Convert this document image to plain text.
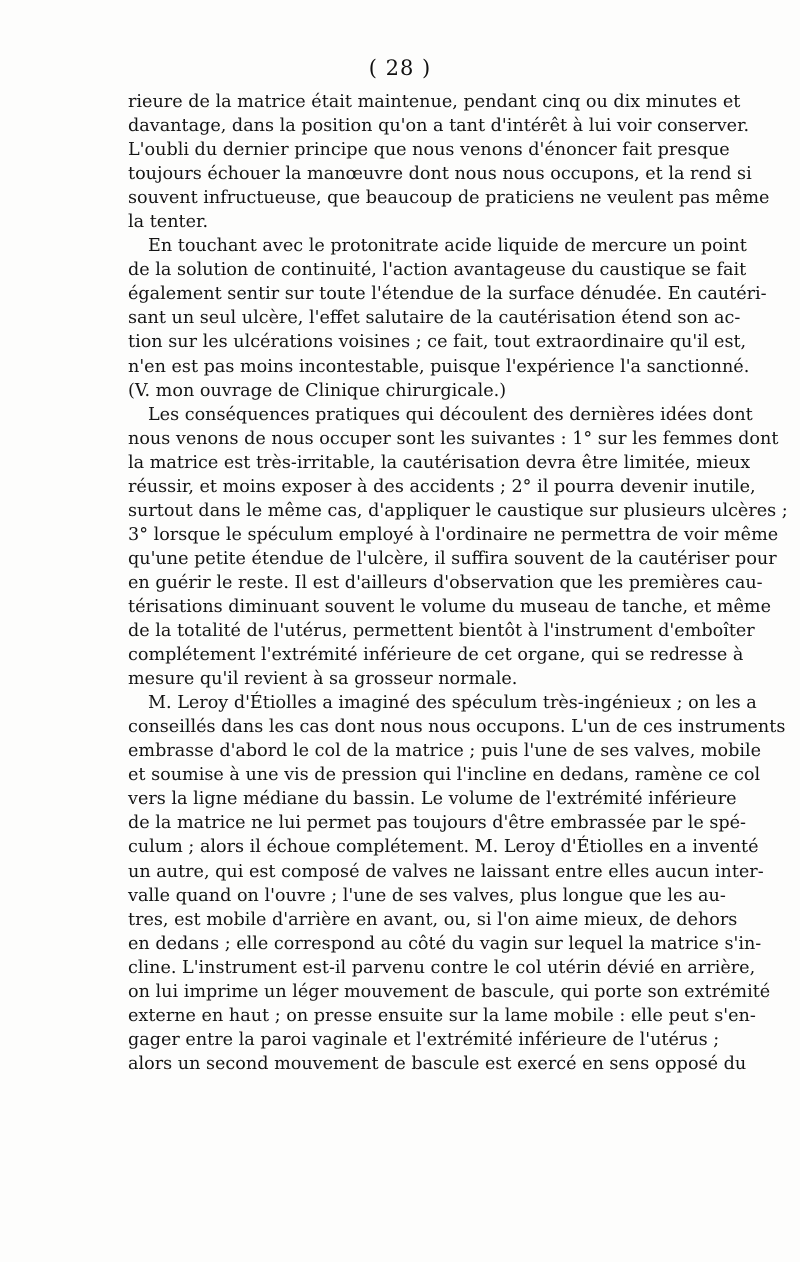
( 28 )
rieure de la matrice était maintenue, pendant cinq ou dix minutes et
davantage, dans la position qu'on a tant d'intérêt à lui voir conserver.
L'oubli du dernier principe que nous venons d'énoncer fait presque
toujours échouer la manœuvre dont nous nous occupons, et la rend si
souvent infructueuse, que beaucoup de praticiens ne veulent pas même
la tenter.
En touchant avec le protonitrate acide liquide de mercure un point
de la solution de continuité, l'action avantageuse du caustique se fait
également sentir sur toute l'étendue de la surface dénudée. En cautéri-
sant un seul ulcère, l'effet salutaire de la cautérisation étend son ac-
tion sur les ulcérations voisines ; ce fait, tout extraordinaire qu'il est,
n'en est pas moins incontestable, puisque l'expérience l'a sanctionné.
(V. mon ouvrage de Clinique chirurgicale.)
Les conséquences pratiques qui découlent des dernières idées dont
nous venons de nous occuper sont les suivantes : 1° sur les femmes dont
la matrice est très-irritable, la cautérisation devra être limitée, mieux
réussir, et moins exposer à des accidents ; 2° il pourra devenir inutile,
surtout dans le même cas, d'appliquer le caustique sur plusieurs ulcères ;
3° lorsque le spéculum employé à l'ordinaire ne permettra de voir même
qu'une petite étendue de l'ulcère, il suffira souvent de la cautériser pour
en guérir le reste. Il est d'ailleurs d'observation que les premières cau-
térisations diminuant souvent le volume du museau de tanche, et même
de la totalité de l'utérus, permettent bientôt à l'instrument d'emboîter
complétement l'extrémité inférieure de cet organe, qui se redresse à
mesure qu'il revient à sa grosseur normale.
M. Leroy d'Étiolles a imaginé des spéculum très-ingénieux ; on les a
conseillés dans les cas dont nous nous occupons. L'un de ces instruments
embrasse d'abord le col de la matrice ; puis l'une de ses valves, mobile
et soumise à une vis de pression qui l'incline en dedans, ramène ce col
vers la ligne médiane du bassin. Le volume de l'extrémité inférieure
de la matrice ne lui permet pas toujours d'être embrassée par le spé-
culum ; alors il échoue complétement. M. Leroy d'Étiolles en a inventé
un autre, qui est composé de valves ne laissant entre elles aucun inter-
valle quand on l'ouvre ; l'une de ses valves, plus longue que les au-
tres, est mobile d'arrière en avant, ou, si l'on aime mieux, de dehors
en dedans ; elle correspond au côté du vagin sur lequel la matrice s'in-
cline. L'instrument est-il parvenu contre le col utérin dévié en arrière,
on lui imprime un léger mouvement de bascule, qui porte son extrémité
externe en haut ; on presse ensuite sur la lame mobile : elle peut s'en-
gager entre la paroi vaginale et l'extrémité inférieure de l'utérus ;
alors un second mouvement de bascule est exercé en sens opposé du
